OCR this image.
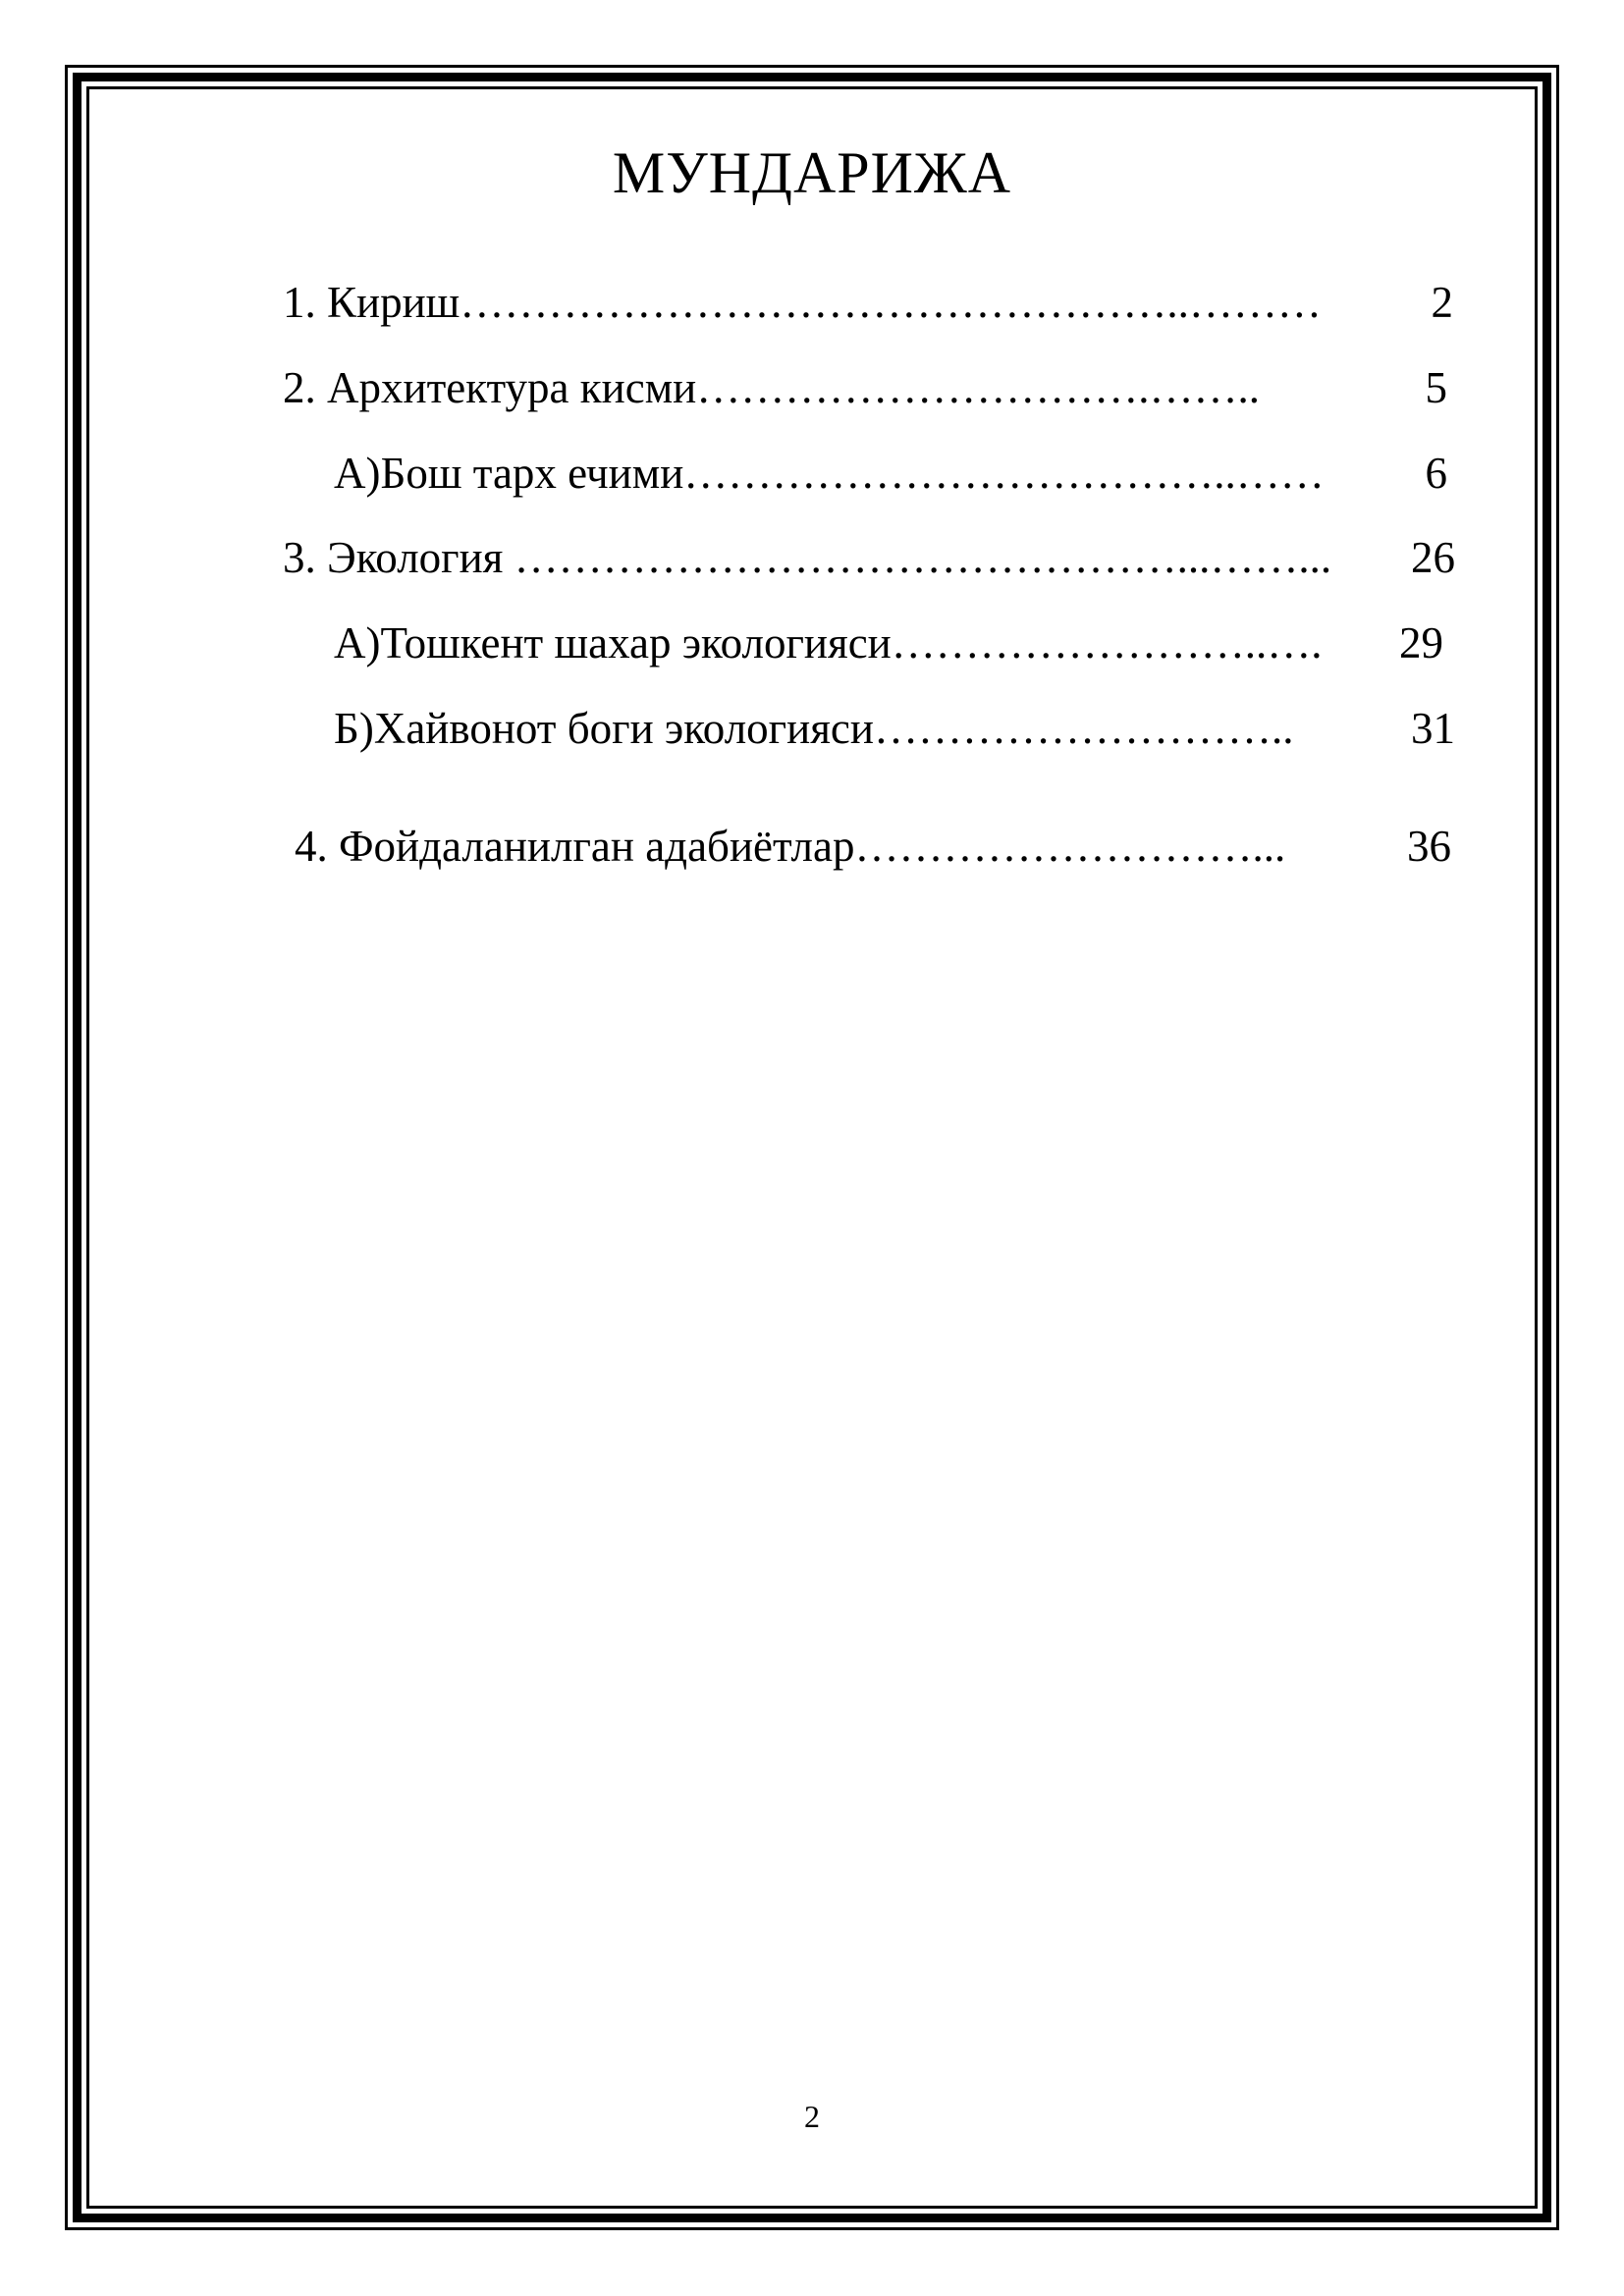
МУНДАРИЖА
1. Кириш…………………………………………..……… 2
2. Архитектура кисми………………………….……..	5
А)Бош тарх ечими………………………………..…… 6
3. Экология ………………………………………...……... 26
А)Тошкент шахар экологияси……………………..…. 29
Б)Хайвонот боги экологияси………………………..	31
4. Фойдаланилган адабиётлар………………………...	36
2
